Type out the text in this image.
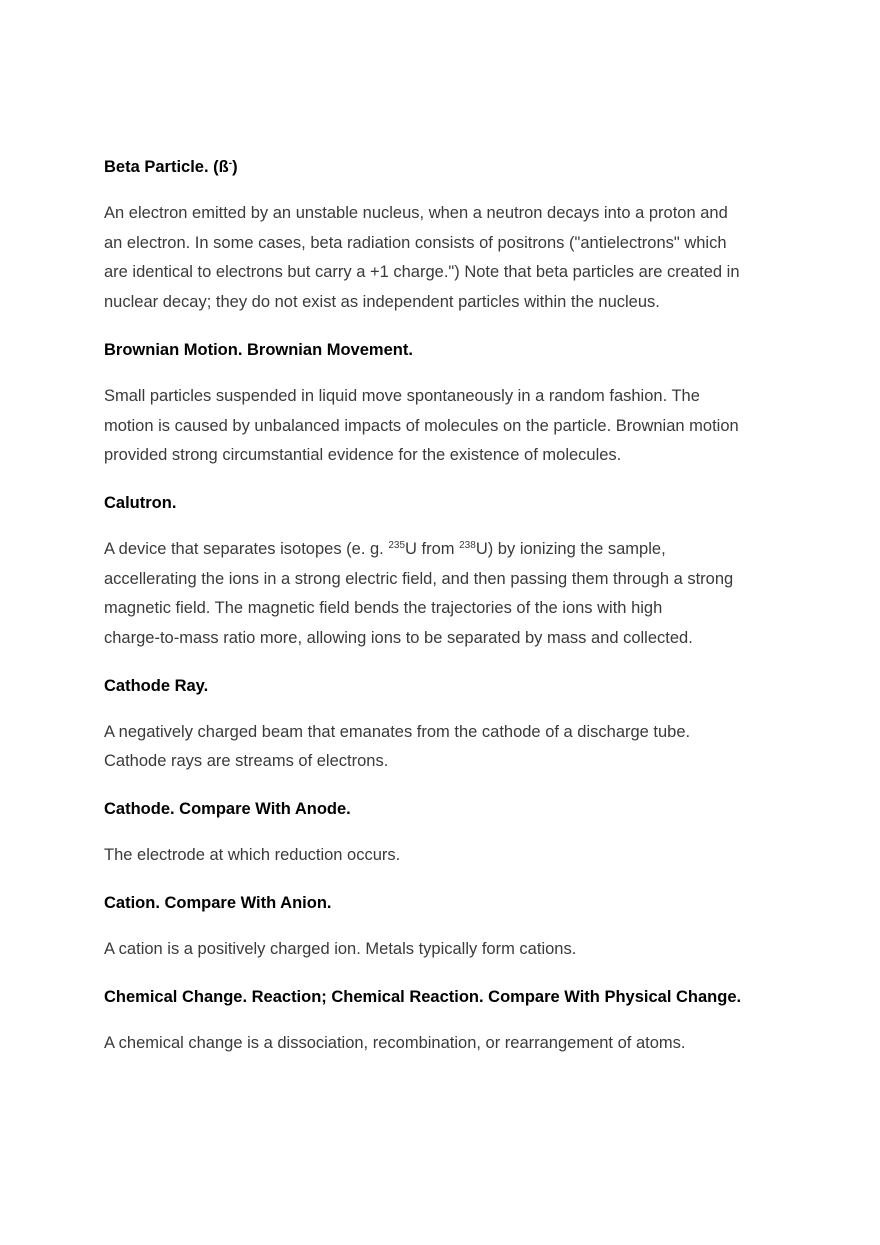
Beta Particle. (ß-)
An electron emitted by an unstable nucleus, when a neutron decays into a proton and
an electron. In some cases, beta radiation consists of positrons ("antielectrons" which
are identical to electrons but carry a +1 charge.") Note that beta particles are created in
nuclear decay; they do not exist as independent particles within the nucleus.
Brownian Motion. Brownian Movement.
Small particles suspended in liquid move spontaneously in a random fashion. The
motion is caused by unbalanced impacts of molecules on the particle. Brownian motion
provided strong circumstantial evidence for the existence of molecules.
Calutron.
A device that separates isotopes (e. g. $^{235}$U from $^{238}$U) by ionizing the sample,
accellerating the ions in a strong electric field, and then passing them through a strong
magnetic field. The magnetic field bends the trajectories of the ions with high
charge-to-mass ratio more, allowing ions to be separated by mass and collected.
Cathode Ray.
A negatively charged beam that emanates from the cathode of a discharge tube.
Cathode rays are streams of electrons.
Cathode. Compare With Anode.
The electrode at which reduction occurs.
Cation. Compare With Anion.
A cation is a positively charged ion. Metals typically form cations.
Chemical Change. Reaction; Chemical Reaction. Compare With Physical Change.
A chemical change is a dissociation, recombination, or rearrangement of atoms.
